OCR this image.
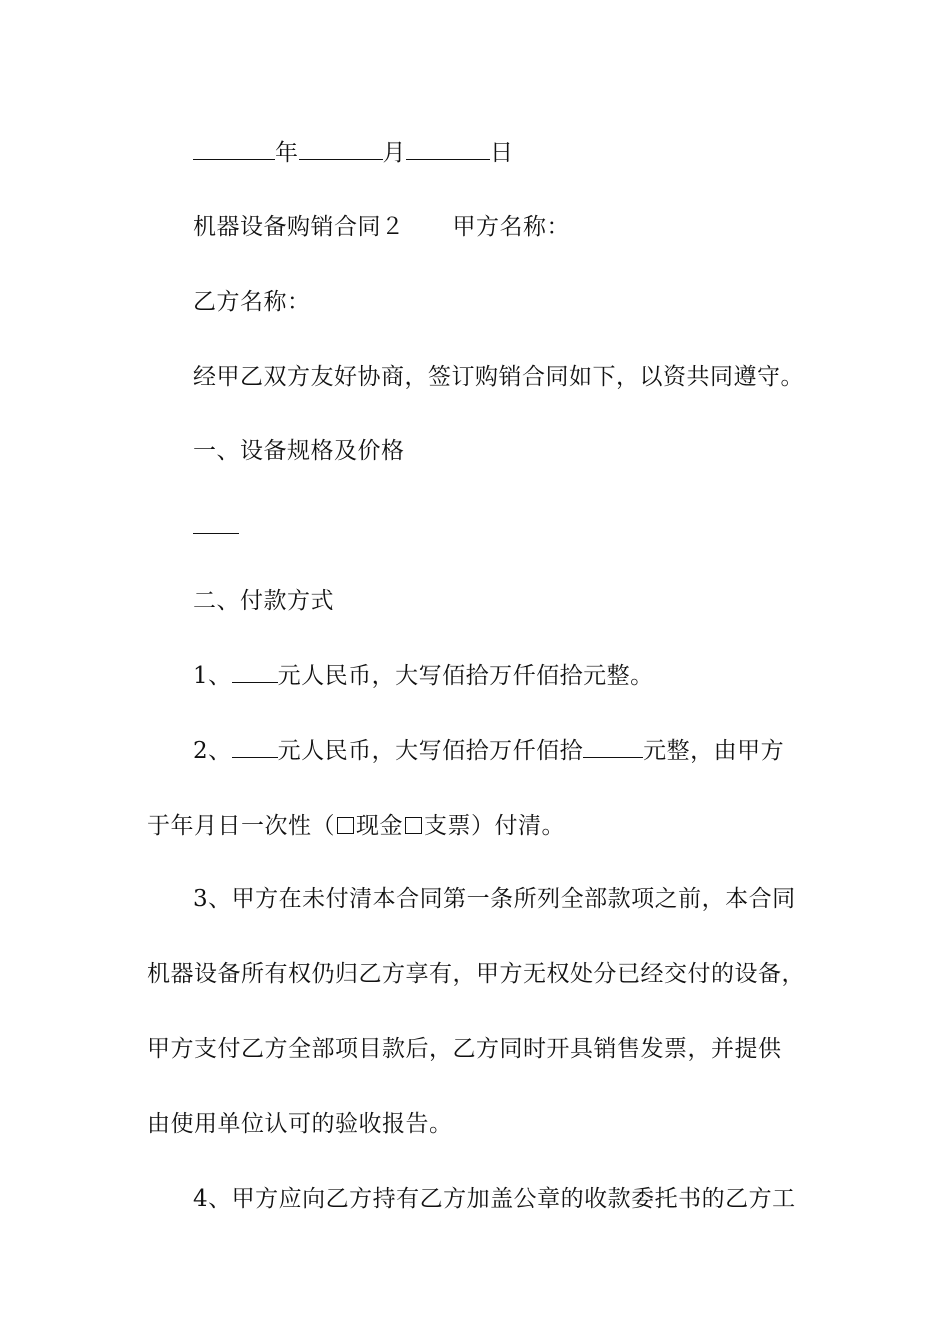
年	月	日
机器设备购销合同２ 甲方名称：
乙方名称：
经甲乙双方友好协商，签订购销合同如下，以资共同遵守。
一、设备规格及价格
二、付款方式
1、 元人民币，大写佰拾万仟佰拾元整。
2、 元人民币，大写佰拾万仟佰拾	元整，由甲方
于年月日一次性（ 现金 支票）付清。
3、甲方在未付清本合同第一条所列全部款项之前，本合同
机器设备所有权仍归乙方享有，甲方无权处分已经交付的设备，
甲方支付乙方全部项目款后，乙方同时开具销售发票，并提供
由使用单位认可的验收报告。
4、甲方应向乙方持有乙方加盖公章的收款委托书的乙方工
